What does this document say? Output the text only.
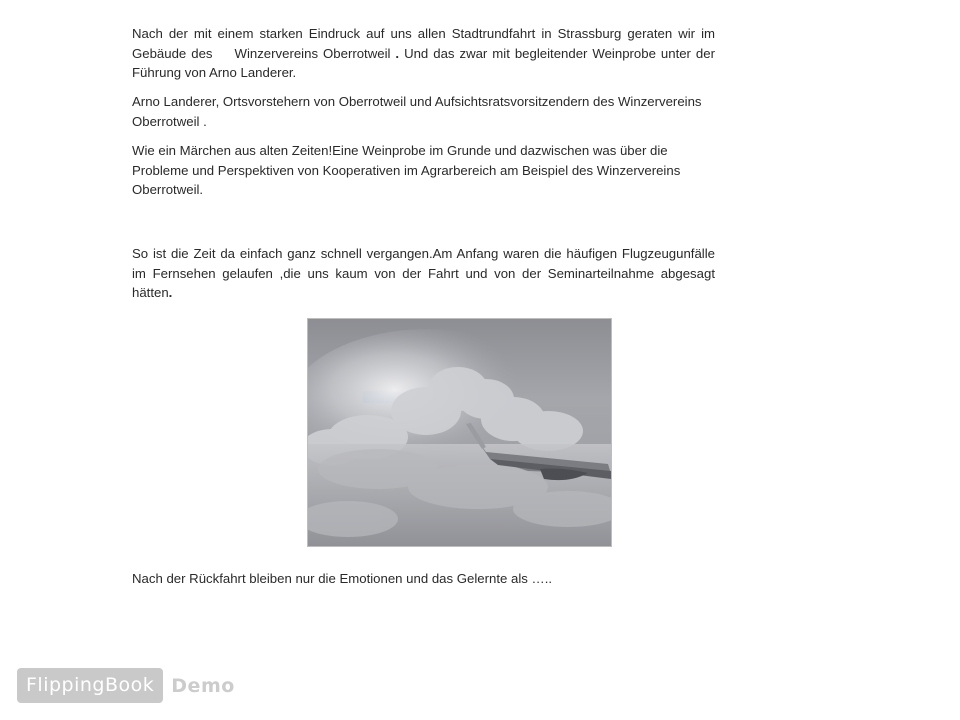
Nach der mit einem starken Eindruck auf uns allen Stadtrundfahrt in Strassburg geraten wir im Gebäude des Winzervereins Oberrotweil . Und das zwar mit begleitender Weinprobe unter der Führung von Arno Landerer.
Arno Landerer, Ortsvorstehern von Oberrotweil und Aufsichtsratsvorsitzendern des Winzervereins Oberrotweil .
Wie ein Märchen aus alten Zeiten!Eine Weinprobe im Grunde und dazwischen was über die Probleme und Perspektiven von Kooperativen im Agrarbereich am Beispiel des Winzervereins Oberrotweil.
So ist die Zeit da einfach ganz schnell vergangen.Am Anfang waren die häufigen Flugzeugunfälle im Fernsehen gelaufen ,die uns kaum von der Fahrt und von der Seminarteilnahme abgesagt hätten.
Nach der Rückfahrt bleiben nur die Emotionen und das Gelernte als …..
FlippingBook Demo
